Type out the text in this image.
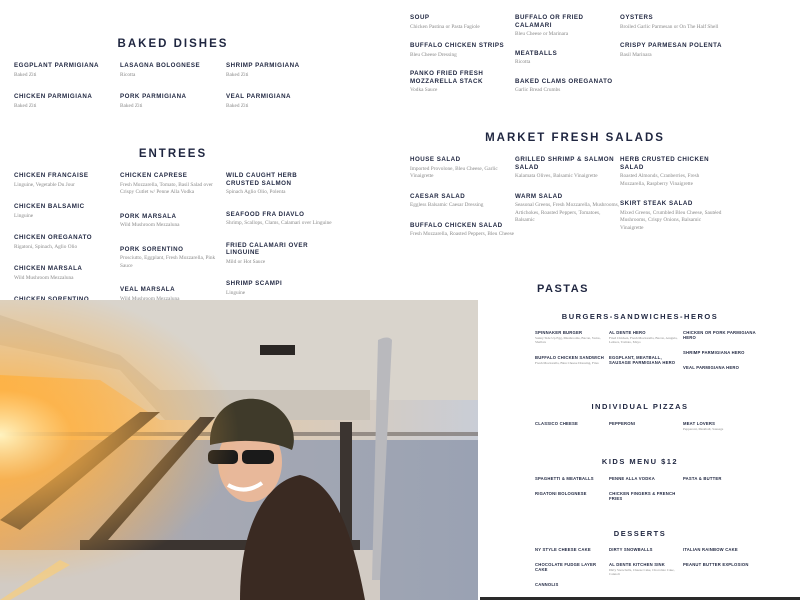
BAKED DISHES
EGGPLANT PARMIGIANA
Baked Ziti
CHICKEN PARMIGIANA
Baked Ziti
LASAGNA BOLOGNESE
Ricotta
PORK PARMIGIANA
Baked Ziti
SHRIMP PARMIGIANA
Baked Ziti
VEAL PARMIGIANA
Baked Ziti
ENTREES
CHICKEN FRANCAISE
Linguine, Vegetable Du Jour
CHICKEN BALSAMIC
Linguine
CHICKEN OREGANATO
Rigatoni, Spinach, Aglio Olio
CHICKEN MARSALA
Wild Mushroom Mezzaluna
CHICKEN SORENTINO
CHICKEN CAPRESE
Fresh Mozzarella, Tomato, Basil Salad over Crispy Cutlet w/ Penne Alla Vodka
PORK MARSALA
Wild Mushroom Mezzaluna
PORK SORENTINO
Prosciutto, Eggplant, Fresh Mozzarella, Pink Sauce
VEAL MARSALA
Wild Mushroom Mezzaluna
WILD CAUGHT HERB CRUSTED SALMON
Spinach Aglio Olio, Polenta
SEAFOOD FRA DIAVLO
Shrimp, Scallops, Clams, Calamari over Linguine
FRIED CALAMARI OVER LINGUINE
Mild or Hot Sauce
SHRIMP SCAMPI
Linguine
SOUP
Chicken Pastina or Pasta Fagiole
BUFFALO CHICKEN STRIPS
Bleu Cheese Dressing
PANKO FRIED FRESH MOZZARELLA STACK
Vodka Sauce
BUFFALO OR FRIED CALAMARI
Bleu Cheese or Marinara
MEATBALLS
Ricotta
BAKED CLAMS OREGANATO
Garlic Bread Crumbs
OYSTERS
Broiled Garlic Parmesan or On The Half Shell
CRISPY PARMESAN POLENTA
Basil Marinara
MARKET FRESH SALADS
HOUSE SALAD
Imported Provolone, Bleu Cheese, Garlic Vinaigrette
CAESAR SALAD
Eggless Balsamic Caesar Dressing
BUFFALO CHICKEN SALAD
Fresh Mozzarella, Roasted Peppers, Bleu Cheese
GRILLED SHRIMP & SALMON SALAD
Kalamata Olives, Balsamic Vinaigrette
WARM SALAD
Seasonal Greens, Fresh Mozzarella, Mushrooms, Artichokes, Roasted Peppers, Tomatoes, Balsamic
HERB CRUSTED CHICKEN SALAD
Roasted Almonds, Cranberries, Fresh Mozzarella, Raspberry Vinaigrette
SKIRT STEAK SALAD
Mixed Greens, Crumbled Bleu Cheese, Sautéed Mushrooms, Crispy Onions, Balsamic Vinaigrette
PASTAS
BURGERS-SANDWICHES-HEROS
SPINNAKER BURGER
Sunny Side Up Egg, Mushrooms, Bacon, Swiss, Shallots
BUFFALO CHICKEN SANDWICH
Fresh Mozzarella, Bleu Cheese Dressing, Fries
AL DENTE HERO
Fried Chicken, Fresh Mozzarella, Bacon, Arugula, Lettuce, Tomato, Mayo
EGGPLANT, MEATBALL, SAUSAGE PARMIGIANA HERO
CHICKEN OR PORK PARMIGIANA HERO
SHRIMP PARMIGIANA HERO
VEAL PARMIGIANA HERO
INDIVIDUAL PIZZAS
CLASSICO CHEESE	PEPPERONI	MEAT LOVERS
Pepperoni, Meatball, Sausage
KIDS MENU $12
SPAGHETTI & MEATBALLS
RIGATONI BOLOGNESE
PENNE ALLA VODKA
CHICKEN FINGERS & FRENCH FRIES
PASTA & BUTTER
DESSERTS
NY STYLE CHEESE CAKE
CHOCOLATE FUDGE LAYER CAKE
CANNOLIS
DIRTY SNOWBALLS
AL DENTE KITCHEN SINK
Dirty Snowballs, Cheese Cake, Chocolate Cake, Cannoli
ITALIAN RAINBOW CAKE
PEANUT BUTTER EXPLOSION
